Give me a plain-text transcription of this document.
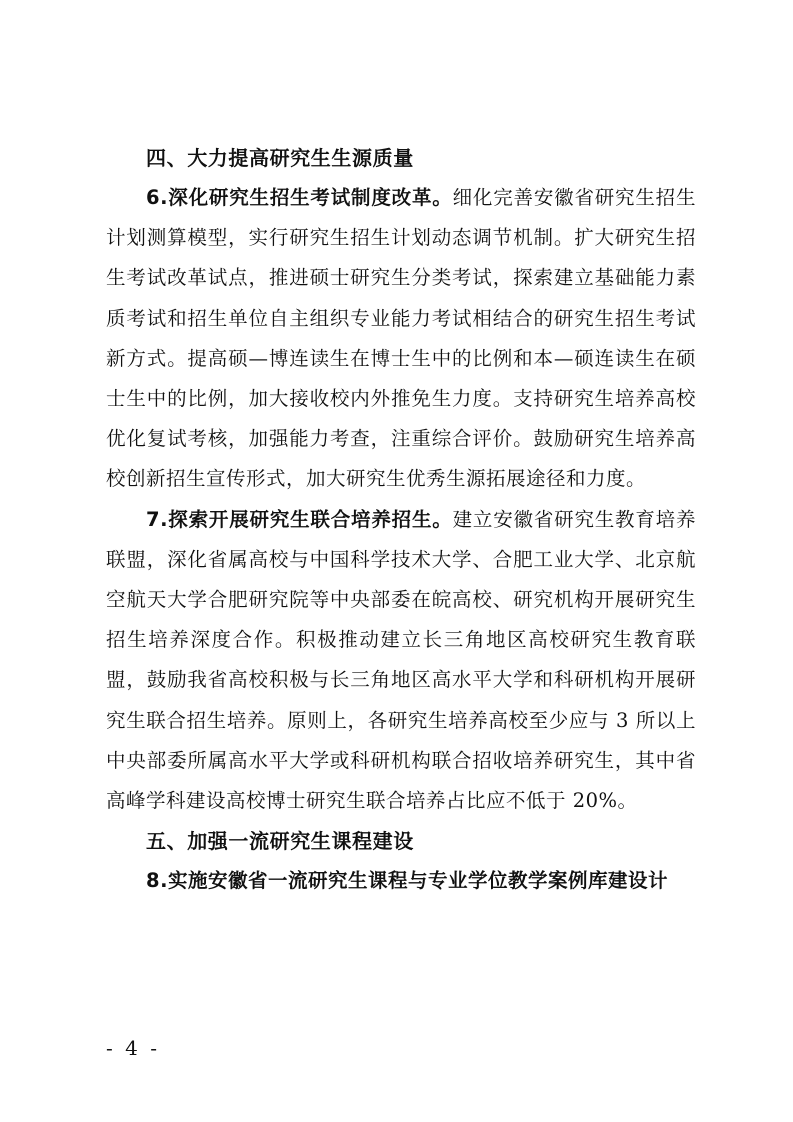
四、大力提高研究生生源质量

6.深化研究生招生考试制度改革。细化完善安徽省研究生招生计划测算模型，实行研究生招生计划动态调节机制。扩大研究生招生考试改革试点，推进硕士研究生分类考试，探索建立基础能力素质考试和招生单位自主组织专业能力考试相结合的研究生招生考试新方式。提高硕—博连读生在博士生中的比例和本—硕连读生在硕士生中的比例，加大接收校内外推免生力度。支持研究生培养高校优化复试考核，加强能力考查，注重综合评价。鼓励研究生培养高校创新招生宣传形式，加大研究生优秀生源拓展途径和力度。

7.探索开展研究生联合培养招生。建立安徽省研究生教育培养联盟，深化省属高校与中国科学技术大学、合肥工业大学、北京航空航天大学合肥研究院等中央部委在皖高校、研究机构开展研究生招生培养深度合作。积极推动建立长三角地区高校研究生教育联盟，鼓励我省高校积极与长三角地区高水平大学和科研机构开展研究生联合招生培养。原则上，各研究生培养高校至少应与 3 所以上中央部委所属高水平大学或科研机构联合招收培养研究生，其中省高峰学科建设高校博士研究生联合培养占比应不低于 20%。

五、加强一流研究生课程建设

8.实施安徽省一流研究生课程与专业学位教学案例库建设计

- 4 -
